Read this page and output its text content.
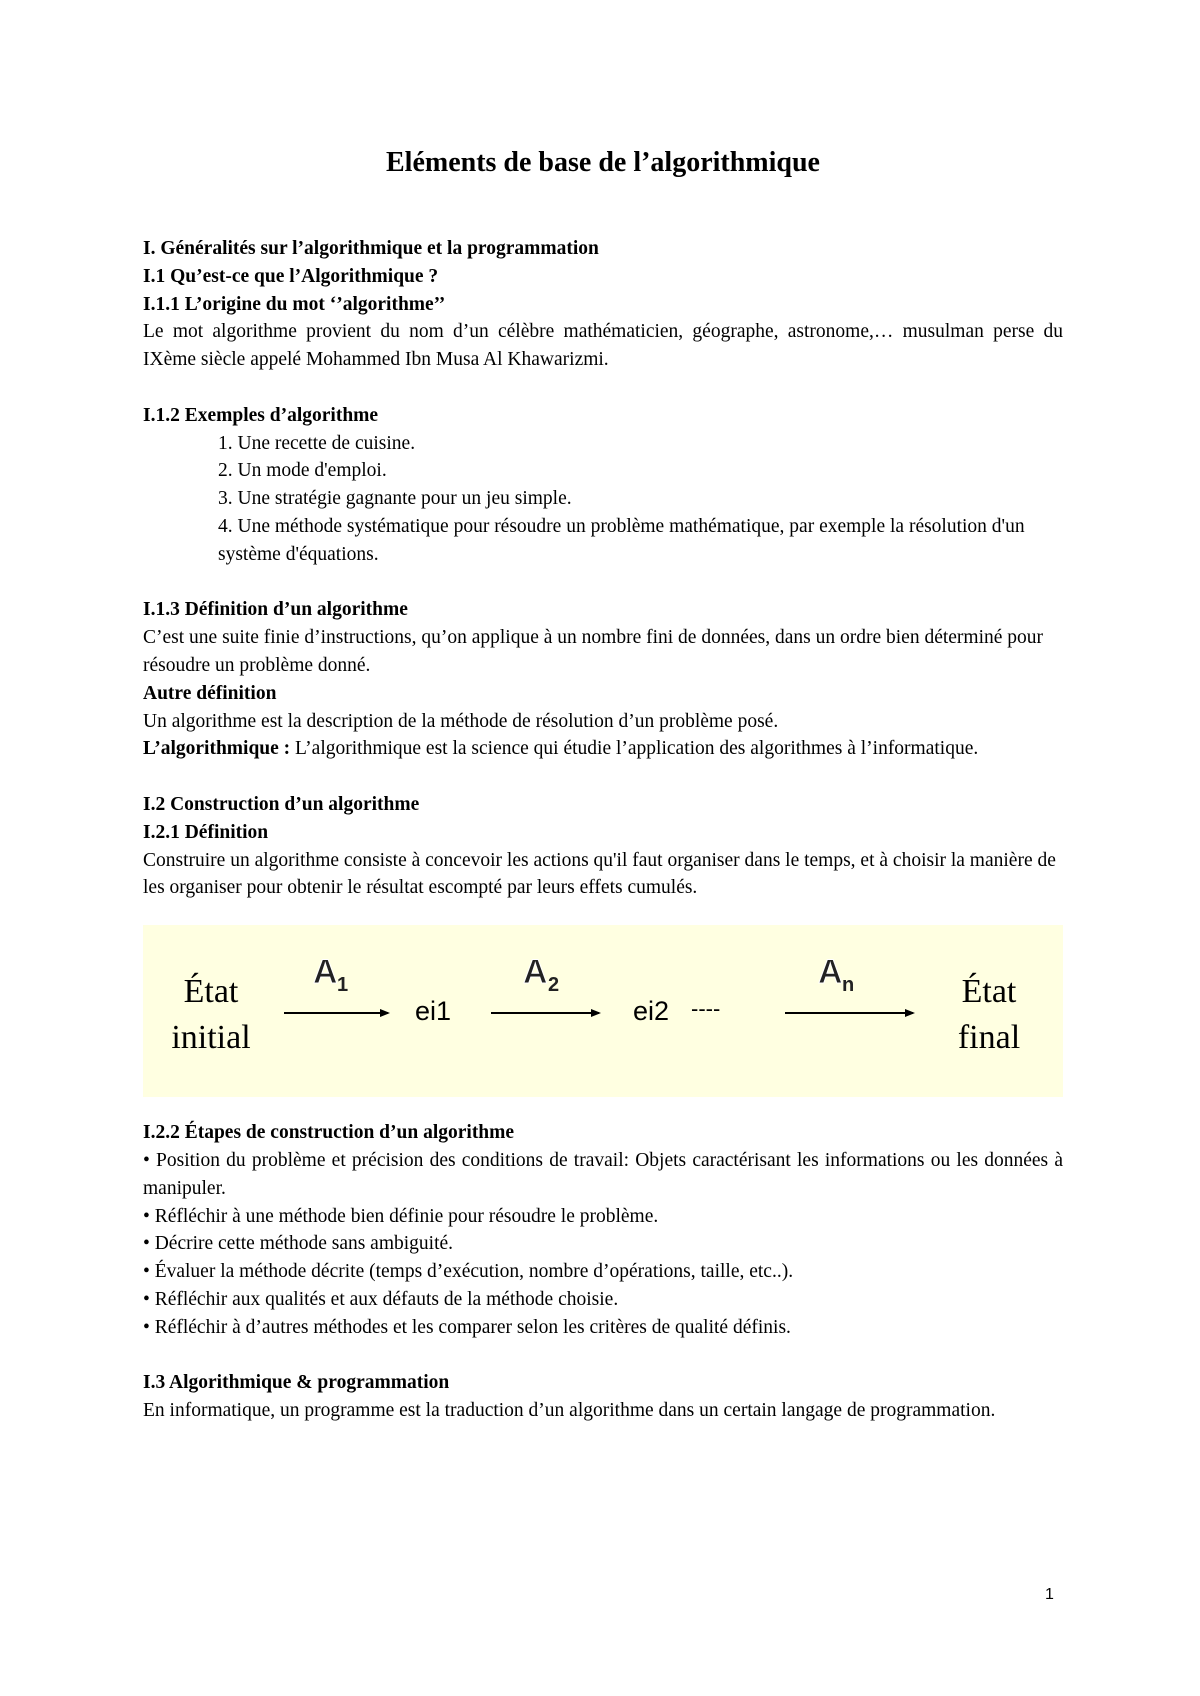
Eléments de base de l’algorithmique

I. Généralités sur l’algorithmique et la programmation

I.1 Qu’est-ce que l’Algorithmique ?

I.1.1 L’origine du mot ‘’algorithme’’

Le mot algorithme provient du nom d’un célèbre mathématicien, géographe, astronome,… musulman perse du IXème siècle appelé Mohammed Ibn Musa Al Khawarizmi.

I.1.2 Exemples d’algorithme

1. Une recette de cuisine.

2. Un mode d'emploi.

3. Une stratégie gagnante pour un jeu simple.

4. Une méthode systématique pour résoudre un problème mathématique, par exemple la résolution d'un système d'équations.

I.1.3 Définition d’un algorithme

C’est une suite finie d’instructions, qu’on applique à un nombre fini de données, dans un ordre bien déterminé pour résoudre un problème donné.

Autre définition

Un algorithme est la description de la méthode de résolution d’un problème posé.

L’algorithmique : L’algorithmique est la science qui étudie l’application des algorithmes à l’informatique.

I.2 Construction d’un algorithme

I.2.1 Définition

Construire un algorithme consiste à concevoir les actions qu'il faut organiser dans le temps, et à choisir la manière de les organiser pour obtenir le résultat escompté par leurs effets cumulés.

État
initial
A 1
ei1
A 2
ei2 ----
A n	État
final

I.2.2 Étapes de construction d’un algorithme

• Position du problème et précision des conditions de travail: Objets caractérisant les informations ou les données à manipuler.

• Réfléchir à une méthode bien définie pour résoudre le problème.

• Décrire cette méthode sans ambiguité.

• Évaluer la méthode décrite (temps d’exécution, nombre d’opérations, taille, etc..).

• Réfléchir aux qualités et aux défauts de la méthode choisie.

• Réfléchir à d’autres méthodes et les comparer selon les critères de qualité définis.

I.3 Algorithmique & programmation

En informatique, un programme est la traduction d’un algorithme dans un certain langage de programmation.

1
